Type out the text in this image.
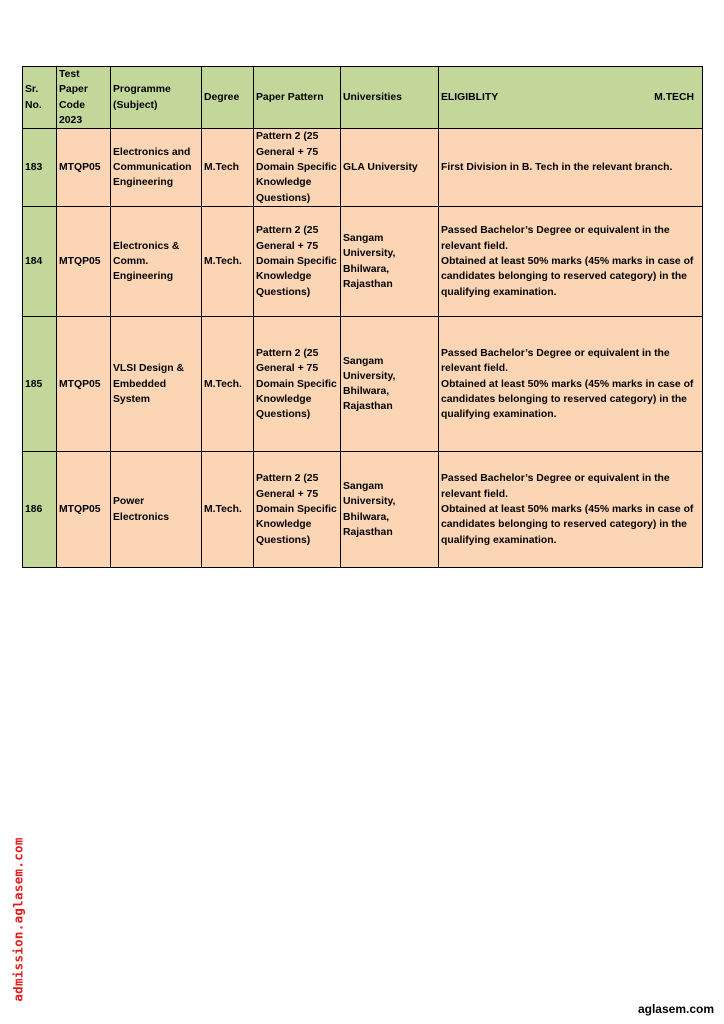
Sr.
No.	Test
Paper
Code
2023	Programme
(Subject)	Degree	Paper Pattern	Universities	ELIGIBLITY M.TECH

183	MTQP05	Electronics and
Communication
Engineering	M.Tech	Pattern 2 (25
General + 75
Domain Specific
Knowledge
Questions)	GLA University	First Division in B. Tech in the relevant branch.
184	MTQP05	Electronics &
Comm.
Engineering	M.Tech.	Pattern 2 (25
General + 75
Domain Specific
Knowledge
Questions)	Sangam University,
Bhilwara,
Rajasthan	Passed Bachelor’s Degree or equivalent in the
relevant field.
Obtained at least 50% marks (45% marks in case of
candidates belonging to reserved category) in the
qualifying examination.
185	MTQP05	VLSI Design &
Embedded
System	M.Tech.	Pattern 2 (25
General + 75
Domain Specific
Knowledge
Questions)	Sangam University,
Bhilwara,
Rajasthan	Passed Bachelor’s Degree or equivalent in the
relevant field.
Obtained at least 50% marks (45% marks in case of
candidates belonging to reserved category) in the
qualifying examination.
186	MTQP05	Power Electronics	M.Tech.	Pattern 2 (25
General + 75
Domain Specific
Knowledge
Questions)	Sangam University,
Bhilwara,
Rajasthan	Passed Bachelor’s Degree or equivalent in the
relevant field.
Obtained at least 50% marks (45% marks in case of
candidates belonging to reserved category) in the
qualifying examination.
admission.aglasem.com
aglasem.com
